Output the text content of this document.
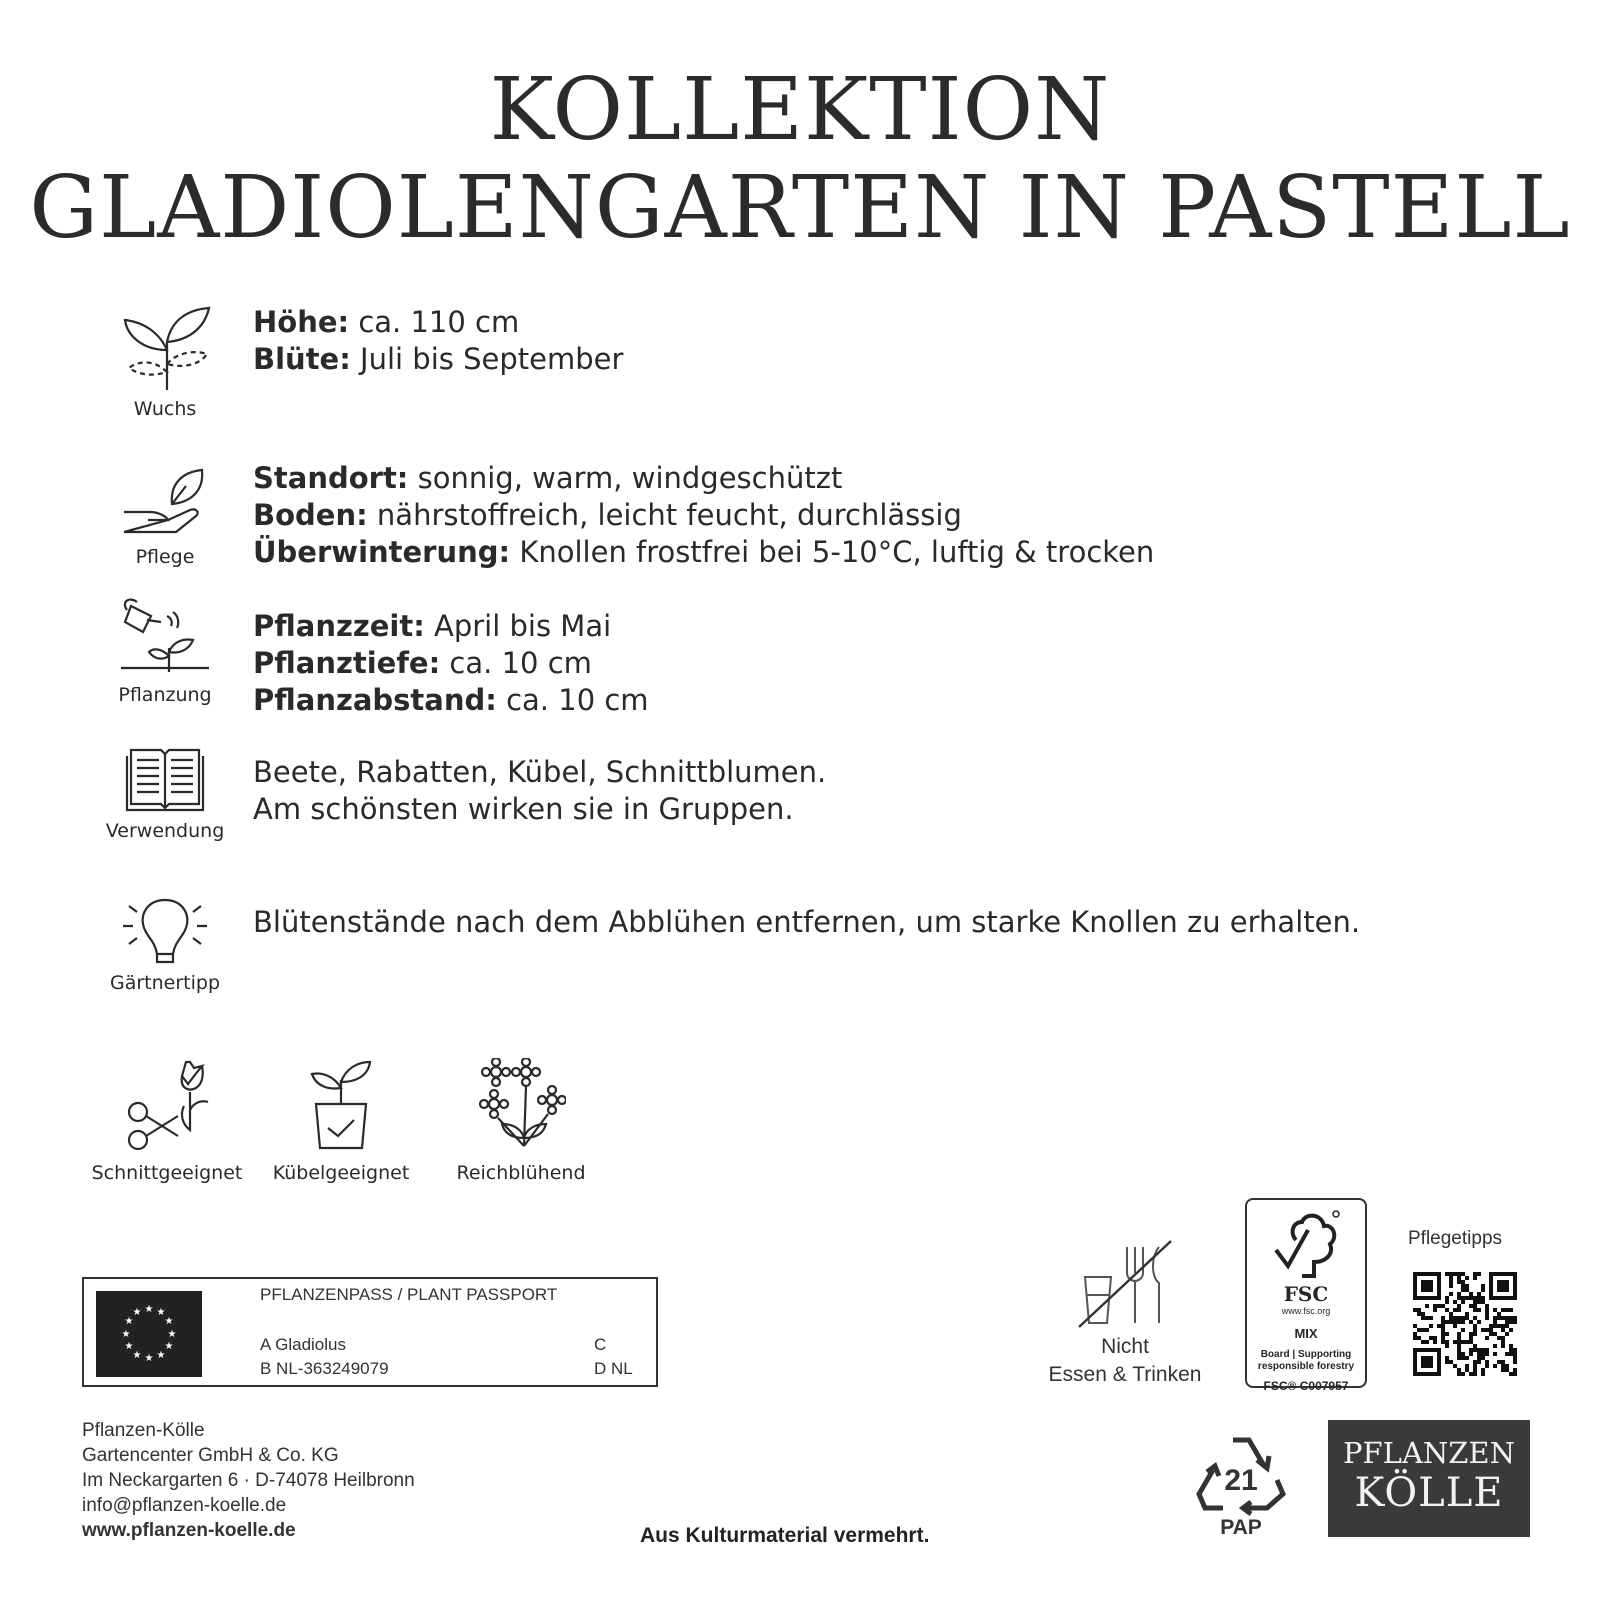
KOLLEKTION
GLADIOLENGARTEN IN PASTELL
Wuchs
Höhe: ca. 110 cm
Blüte: Juli bis September
Pflege
Standort: sonnig, warm, windgeschützt
Boden: nährstoffreich, leicht feucht, durchlässig
Überwinterung: Knollen frostfrei bei 5-10°C, luftig & trocken
Pflanzung
Pflanzzeit: April bis Mai
Pflanztiefe: ca. 10 cm
Pflanzabstand: ca. 10 cm
Verwendung
Beete, Rabatten, Kübel, Schnittblumen.
Am schönsten wirken sie in Gruppen.
Gärtnertipp
Blütenstände nach dem Abblühen entfernen, um starke Knollen zu erhalten.
Schnittgeeignet	Kübelgeeignet	Reichblühend
★ ★
★
★
★
★
★
★
★
★
★
★
PFLANZENPASS / PLANT PASSPORT
A Gladiolus
B NL-363249079
C
D NL
Pflanzen-Kölle
Gartencenter GmbH & Co. KG
Im Neckargarten 6 · D-74078 Heilbronn
info@pflanzen-koelle.de
www.pflanzen-koelle.de	Aus Kulturmaterial vermehrt.
Nicht
Essen & Trinken
FSC
www.fsc.org
MIX
Board | Supporting
responsible forestry
FSC® C007957
Pflegetipps
21
PAP
PFLANZEN
KÖLLE
